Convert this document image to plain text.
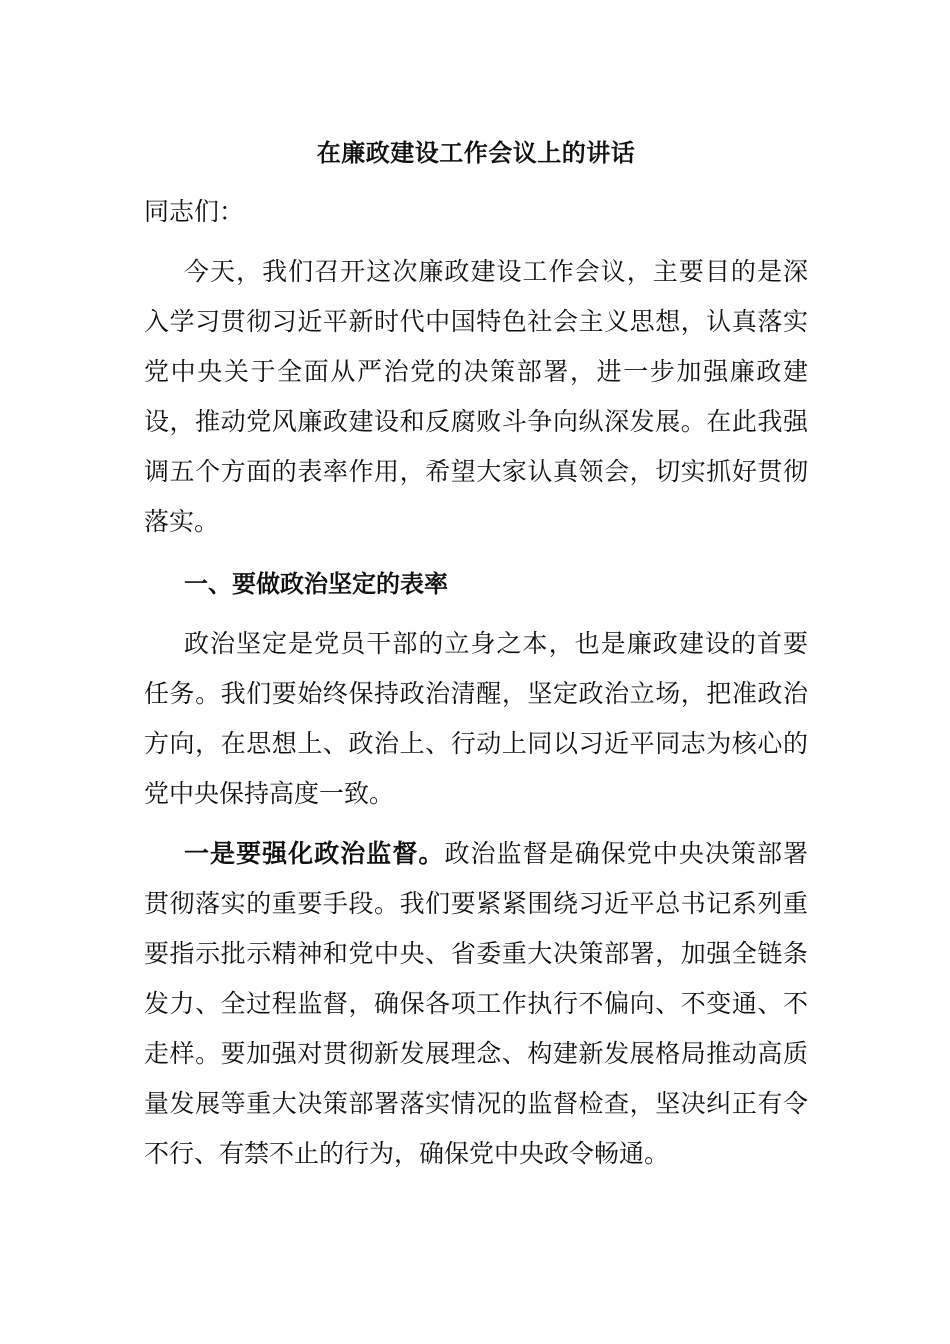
在廉政建设工作会议上的讲话

同志们：

今天，我们召开这次廉政建设工作会议，主要目的是深入学习贯彻习近平新时代中国特色社会主义思想，认真落实党中央关于全面从严治党的决策部署，进一步加强廉政建设，推动党风廉政建设和反腐败斗争向纵深发展。在此我强调五个方面的表率作用，希望大家认真领会，切实抓好贯彻落实。

一、要做政治坚定的表率

政治坚定是党员干部的立身之本，也是廉政建设的首要任务。我们要始终保持政治清醒，坚定政治立场，把准政治方向，在思想上、政治上、行动上同以习近平同志为核心的党中央保持高度一致。

一是要强化政治监督。政治监督是确保党中央决策部署贯彻落实的重要手段。我们要紧紧围绕习近平总书记系列重要指示批示精神和党中央、省委重大决策部署，加强全链条发力、全过程监督，确保各项工作执行不偏向、不变通、不走样。要加强对贯彻新发展理念、构建新发展格局推动高质量发展等重大决策部署落实情况的监督检查，坚决纠正有令不行、有禁不止的行为，确保党中央政令畅通。
